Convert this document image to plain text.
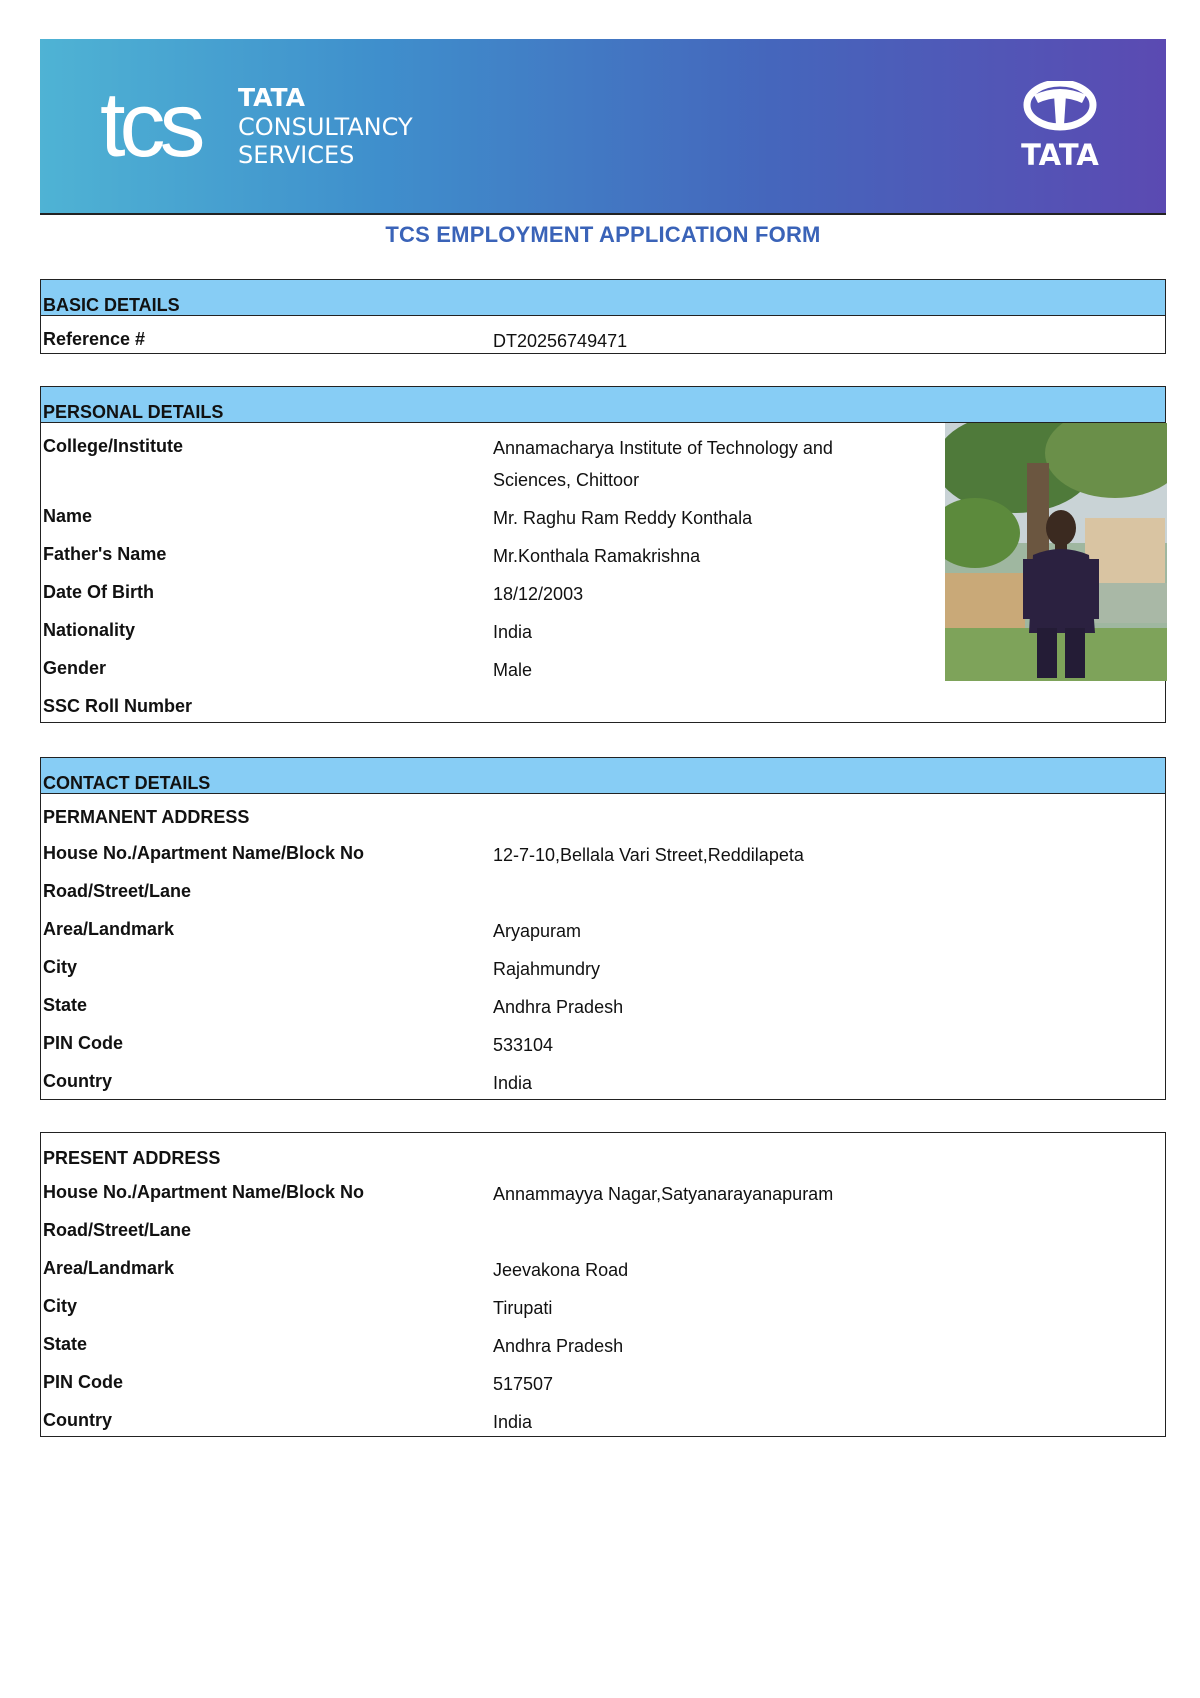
tcs TATA
CONSULTANCY
SERVICES	TATA
TCS EMPLOYMENT APPLICATION FORM
BASIC DETAILS
Reference #	DT20256749471
PERSONAL DETAILS
College/Institute	Annamacharya Institute of Technology and Sciences, Chittoor
Name	Mr. Raghu Ram Reddy Konthala
Father's Name	Mr.Konthala Ramakrishna
Date Of Birth	18/12/2003
Nationality	India
Gender	Male
SSC Roll Number
CONTACT DETAILS
PERMANENT ADDRESS
House No./Apartment Name/Block No	12-7-10,Bellala Vari Street,Reddilapeta
Road/Street/Lane
Area/Landmark	Aryapuram
City	Rajahmundry
State	Andhra Pradesh
PIN Code	533104
Country	India
PRESENT ADDRESS
House No./Apartment Name/Block No	Annammayya Nagar,Satyanarayanapuram
Road/Street/Lane
Area/Landmark	Jeevakona Road
City	Tirupati
State	Andhra Pradesh
PIN Code	517507
Country	India
